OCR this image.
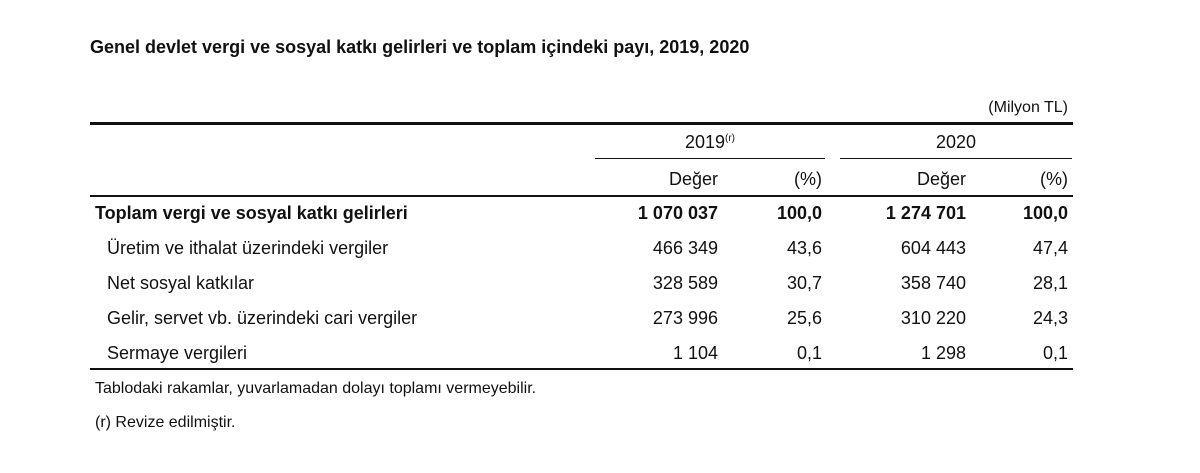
Genel devlet vergi ve sosyal katkı gelirleri ve toplam içindeki payı, 2019, 2020
(Milyon TL)
2019$^{(r)}$	2020
Değer	(%)	Değer	(%)
Toplam vergi ve sosyal katkı gelirleri	1 070 037	100,0	1 274 701	100,0
Üretim ve ithalat üzerindeki vergiler	466 349	43,6	604 443	47,4
Net sosyal katkılar	328 589	30,7	358 740	28,1
Gelir, servet vb. üzerindeki cari vergiler	273 996	25,6	310 220	24,3
Sermaye vergileri	1 104	0,1	1 298	0,1
Tablodaki rakamlar, yuvarlamadan dolayı toplamı vermeyebilir.
(r) Revize edilmiştir.
